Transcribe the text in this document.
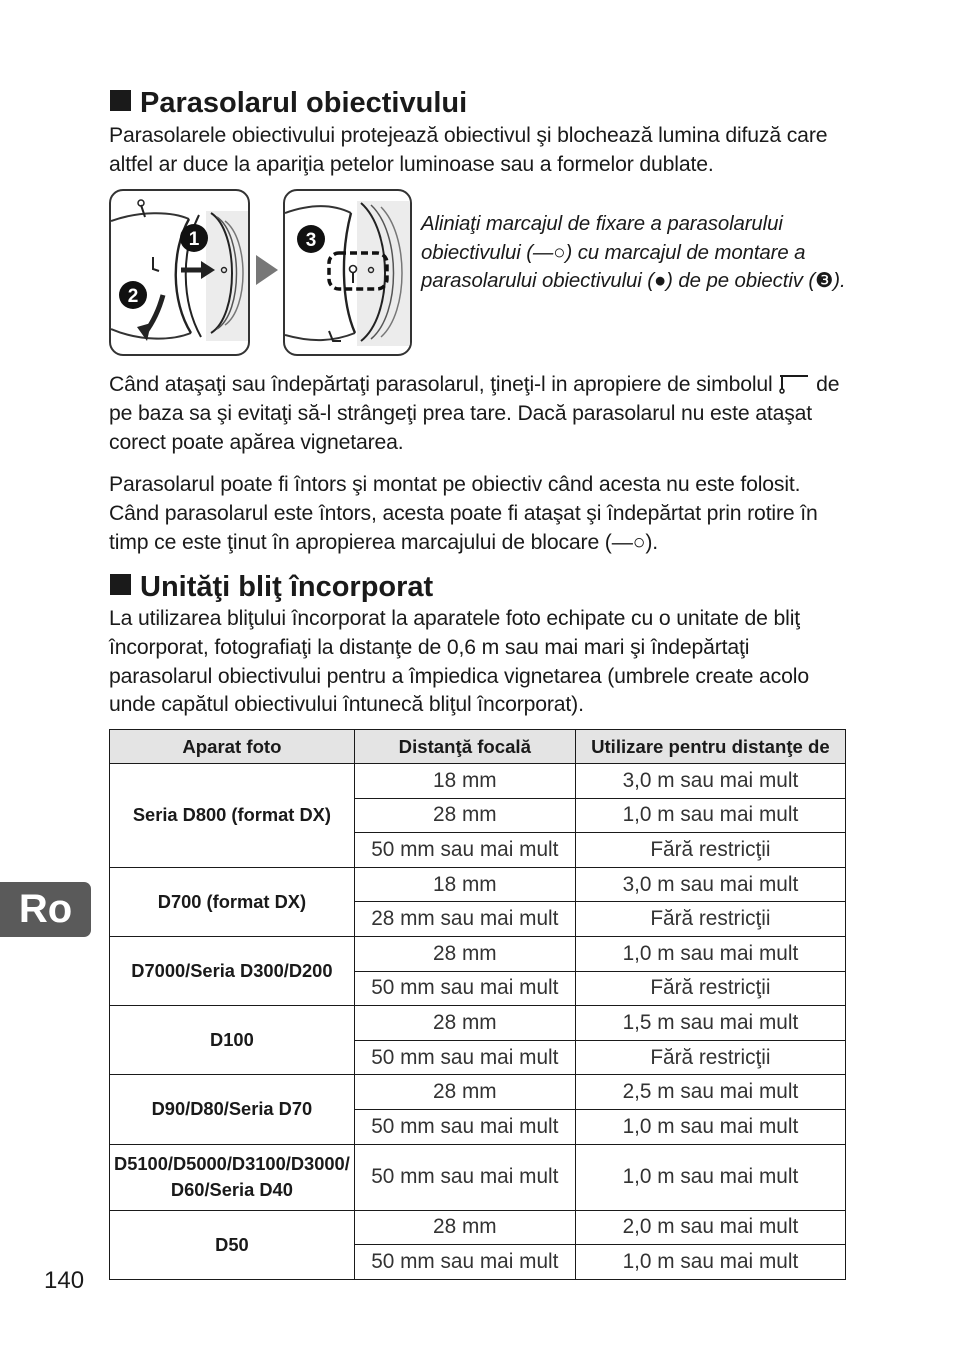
Parasolarul obiectivului

Parasolarele obiectivului protejează obiectivul şi blochează lumina difuză care altfel ar duce la apariţia petelor luminoase sau a formelor dublate.

1
2
3

Aliniaţi marcajul de fixare a parasolarului obiectivului (—○) cu marcajul de montare a parasolarului obiectivului (●) de pe obiectiv (❸).

Când ataşaţi sau îndepărtaţi parasolarul, ţineţi-l in apropiere de simbolul de pe baza sa şi evitaţi să-l strângeţi prea tare. Dacă parasolarul nu este ataşat corect poate apărea vignetarea.

Parasolarul poate fi întors şi montat pe obiectiv când acesta nu este folosit. Când parasolarul este întors, acesta poate fi ataşat şi îndepărtat prin rotire în timp ce este ţinut în apropierea marcajului de blocare (—○).

Unităţi bliţ încorporat

La utilizarea bliţului încorporat la aparatele foto echipate cu o unitate de bliţ încorporat, fotografiaţi la distanţe de 0,6 m sau mai mari şi îndepărtaţi parasolarul obiectivului pentru a împiedica vignetarea (umbrele create acolo unde capătul obiectivului întunecă bliţul încorporat).

Aparat foto	Distanţă focală	Utilizare pentru distanţe de
Seria D800 (format DX)	18 mm	3,0 m sau mai mult
	28 mm	1,0 m sau mai mult
	50 mm sau mai mult	Fără restricţii
D700 (format DX)	18 mm	3,0 m sau mai mult
	28 mm sau mai mult	Fără restricţii
D7000/Seria D300/D200	28 mm	1,0 m sau mai mult
	50 mm sau mai mult	Fără restricţii
D100	28 mm	1,5 m sau mai mult
	50 mm sau mai mult	Fără restricţii
D90/D80/Seria D70	28 mm	2,5 m sau mai mult
	50 mm sau mai mult	1,0 m sau mai mult
D5100/D5000/D3100/D3000/ D60/Seria D40	50 mm sau mai mult	1,0 m sau mai mult
D50	28 mm	2,0 m sau mai mult
	50 mm sau mai mult	1,0 m sau mai mult
Ro
140
